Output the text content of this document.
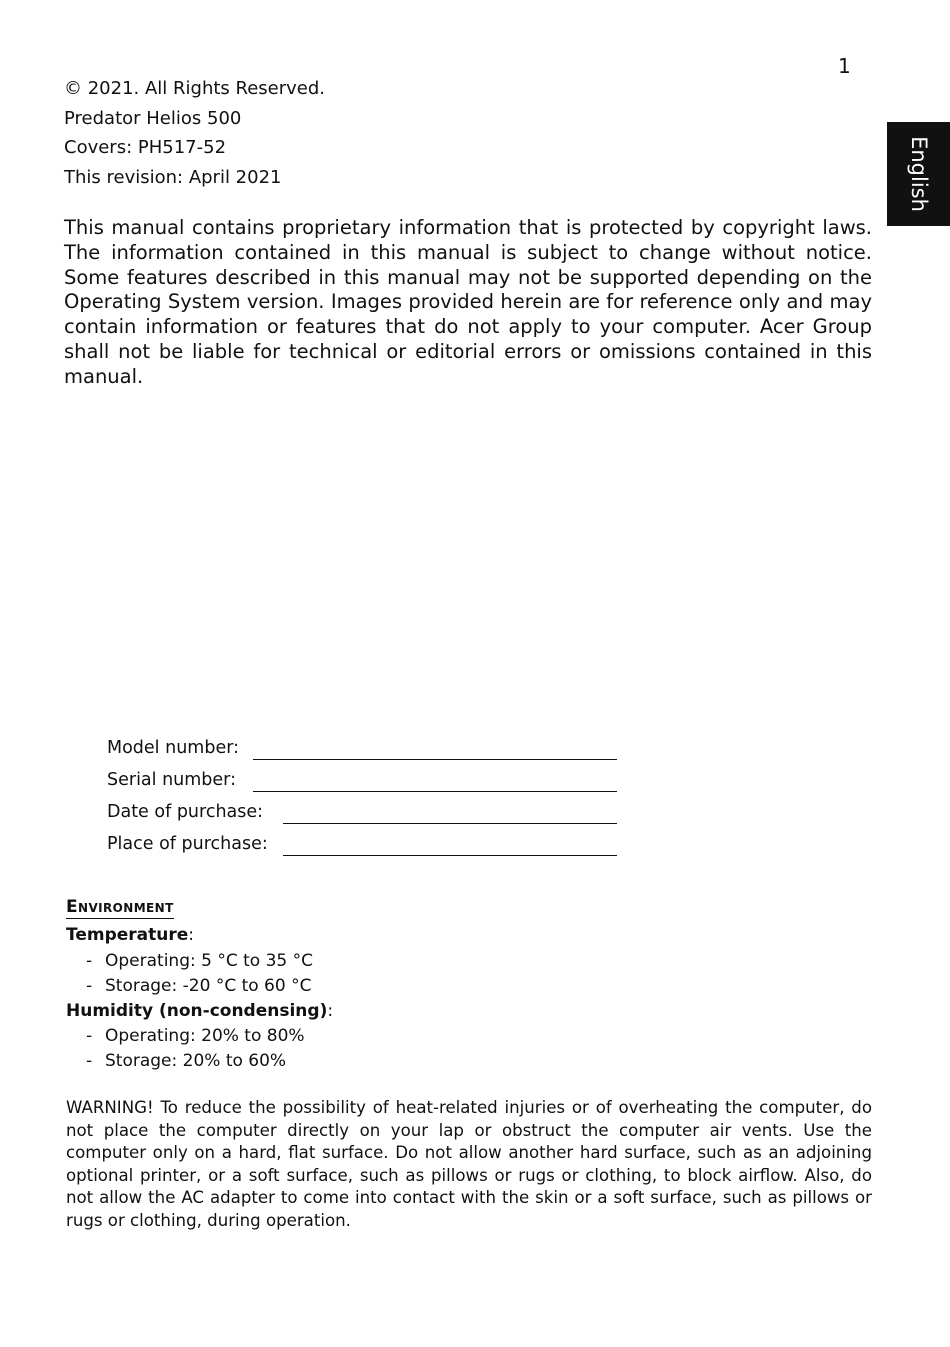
1
English
© 2021. All Rights Reserved.
Predator Helios 500
Covers: PH517-52
This revision: April 2021

This manual contains proprietary information that is protected by copyright laws. The information contained in this manual is subject to change without notice. Some features described in this manual may not be supported depending on the Operating System version. Images provided herein are for reference only and may contain information or features that do not apply to your computer. Acer Group shall not be liable for technical or editorial errors or omissions contained in this manual.

Model number:
Serial number:
Date of purchase:
Place of purchase:
Environment
Temperature:
- Operating: 5 °C to 35 °C
- Storage: -20 °C to 60 °C
Humidity (non-condensing):
- Operating: 20% to 80%
- Storage: 20% to 60%

WARNING! To reduce the possibility of heat-related injuries or of overheating the computer, do not place the computer directly on your lap or obstruct the computer air vents. Use the computer only on a hard, flat surface. Do not allow another hard surface, such as an adjoining optional printer, or a soft surface, such as pillows or rugs or clothing, to block airflow. Also, do not allow the AC adapter to come into contact with the skin or a soft surface, such as pillows or rugs or clothing, during operation.
